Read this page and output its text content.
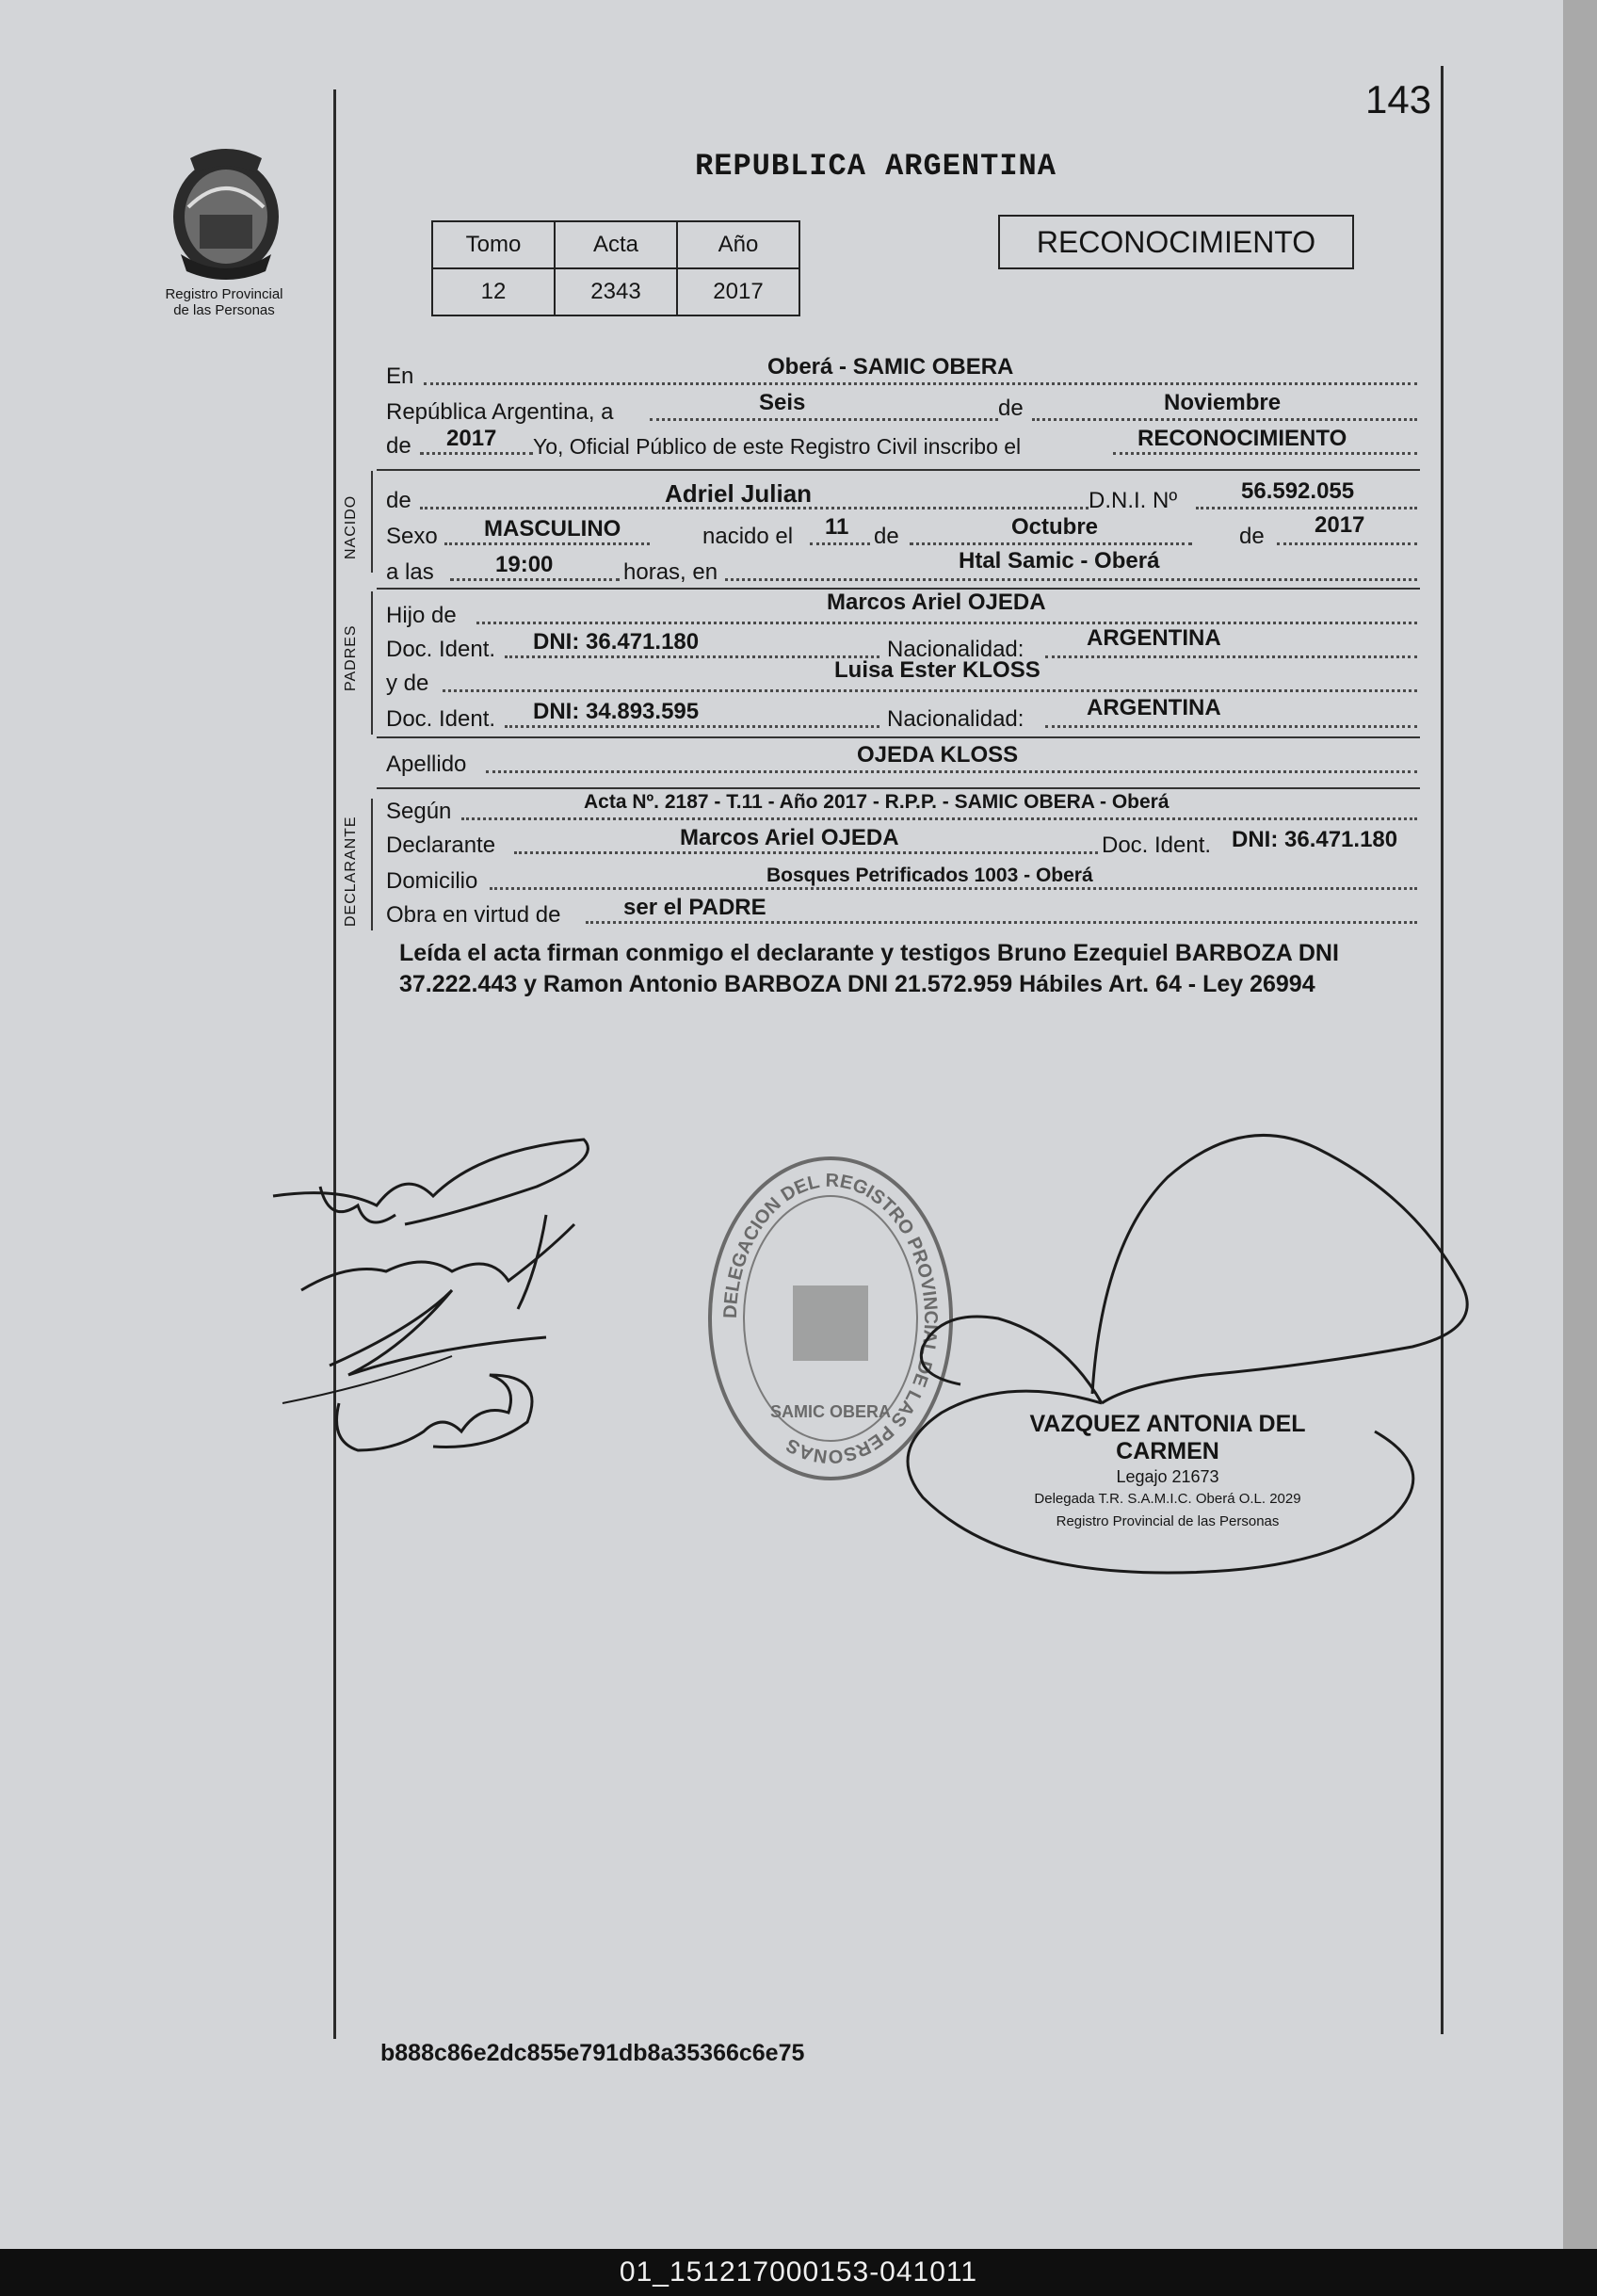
143
REPUBLICA ARGENTINA
Registro Provincial
de las Personas
Tomo	Acta	Año
12	2343	2017
RECONOCIMIENTO
En	Oberá - SAMIC OBERA
República Argentina, a	Seis	de	Noviembre
de 2017 Yo, Oficial Público de este Registro Civil inscribo el	RECONOCIMIENTO
NACIDO de	Adriel Julian	D.N.I. Nº	56.592.055
Sexo MASCULINO	nacido el 11 de	Octubre	de 2017
a las	19:00	horas, en	Htal Samic - Oberá
PADRES
Hijo de
Marcos Ariel OJEDA
Doc. Ident. DNI: 36.471.180	Nacionalidad:	ARGENTINA
y de
Luisa Ester KLOSS
Doc. Ident. DNI: 34.893.595	Nacionalidad:	ARGENTINA
Apellido	OJEDA KLOSS
DECLARANTE
Según	Acta Nº. 2187 - T.11 - Año 2017 - R.P.P. - SAMIC OBERA - Oberá
Declarante	Marcos Ariel OJEDA	Doc. Ident. DNI: 36.471.180
Domicilio	Bosques Petrificados 1003 - Oberá
Obra en virtud de	ser el PADRE
Leída el acta firman conmigo el declarante y testigos Bruno Ezequiel BARBOZA DNI 37.222.443 y Ramon Antonio BARBOZA DNI 21.572.959 Hábiles Art. 64 - Ley 26994
DELEGACION DEL REGISTRO PROVINCIAL DE LAS PERSONAS
SAMIC OBERA	VAZQUEZ ANTONIA DEL CARMEN
Legajo 21673
Delegada T.R. S.A.M.I.C. Oberá O.L. 2029
Registro Provincial de las Personas
b888c86e2dc855e791db8a35366c6e75
01_151217000153-041011
